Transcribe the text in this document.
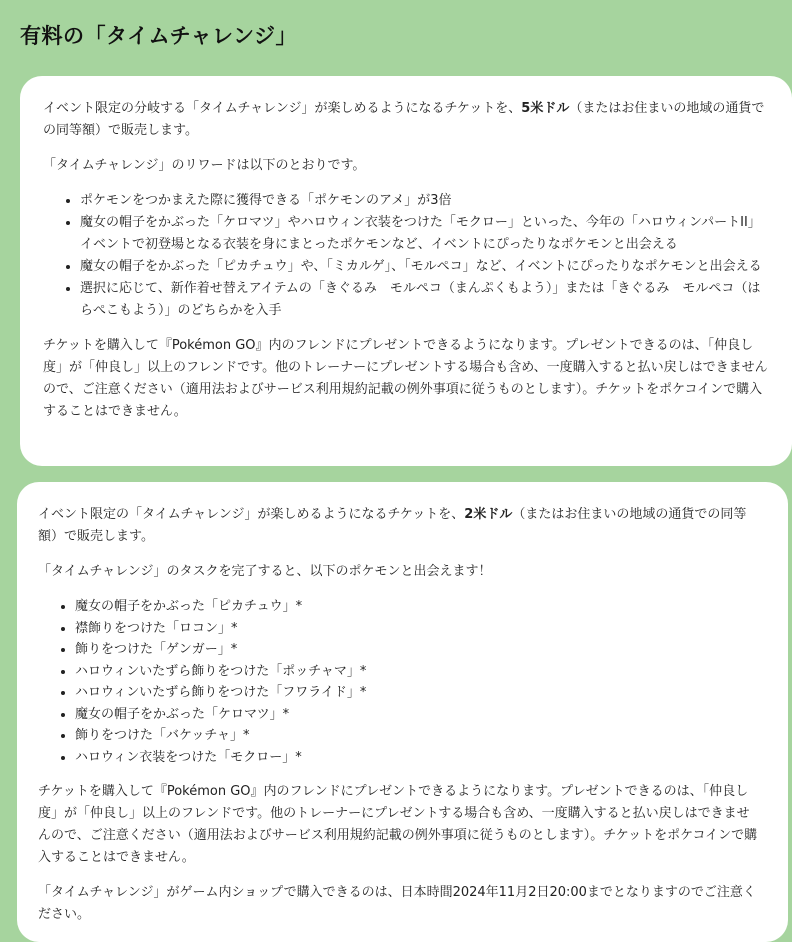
有料の「タイムチャレンジ」

イベント限定の分岐する「タイムチャレンジ」が楽しめるようになるチケットを、5米ドル（またはお住まいの地域の通貨での同等額）で販売します。

「タイムチャレンジ」のリワードは以下のとおりです。

• ポケモンをつかまえた際に獲得できる「ポケモンのアメ」が3倍
• 魔女の帽子をかぶった「ケロマツ」やハロウィン衣装をつけた「モクロー」といった、今年の「ハロウィンパートII」イベントで初登場となる衣装を身にまとったポケモンなど、イベントにぴったりなポケモンと出会える
• 魔女の帽子をかぶった「ピカチュウ」や、「ミカルゲ」、「モルペコ」など、イベントにぴったりなポケモンと出会える
• 選択に応じて、新作着せ替えアイテムの「きぐるみ　モルペコ（まんぷくもよう）」または「きぐるみ　モルペコ（はらぺこもよう）」のどちらかを入手

チケットを購入して『Pokémon GO』内のフレンドにプレゼントできるようになります。プレゼントできるのは、「仲良し度」が「仲良し」以上のフレンドです。他のトレーナーにプレゼントする場合も含め、一度購入すると払い戻しはできませんので、ご注意ください（適用法およびサービス利用規約記載の例外事項に従うものとします）。チケットをポケコインで購入することはできません。

イベント限定の「タイムチャレンジ」が楽しめるようになるチケットを、2米ドル（またはお住まいの地域の通貨での同等額）で販売します。

「タイムチャレンジ」のタスクを完了すると、以下のポケモンと出会えます！

• 魔女の帽子をかぶった「ピカチュウ」*
• 襟飾りをつけた「ロコン」*
• 飾りをつけた「ゲンガー」*
• ハロウィンいたずら飾りをつけた「ポッチャマ」*
• ハロウィンいたずら飾りをつけた「フワライド」*
• 魔女の帽子をかぶった「ケロマツ」*
• 飾りをつけた「バケッチャ」*
• ハロウィン衣装をつけた「モクロー」*

チケットを購入して『Pokémon GO』内のフレンドにプレゼントできるようになります。プレゼントできるのは、「仲良し度」が「仲良し」以上のフレンドです。他のトレーナーにプレゼントする場合も含め、一度購入すると払い戻しはできませんので、ご注意ください（適用法およびサービス利用規約記載の例外事項に従うものとします）。チケットをポケコインで購入することはできません。

「タイムチャレンジ」がゲーム内ショップで購入できるのは、日本時間2024年11月2日20:00までとなりますのでご注意ください。
